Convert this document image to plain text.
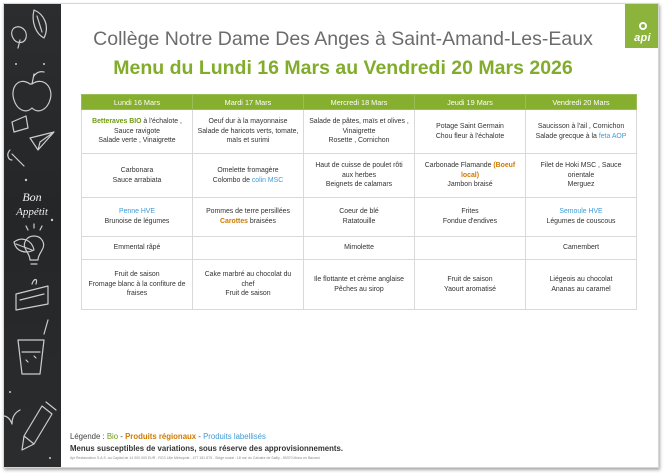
Bon
Appétit
api
Collège Notre Dame Des Anges à Saint-Amand-Les-Eaux
Menu du Lundi 16 Mars au Vendredi 20 Mars 2026
Lundi 16 Mars	Mardi 17 Mars	Mercredi 18 Mars	Jeudi 19 Mars	Vendredi 20 Mars

Betteraves BIO à l'échalote ,
Sauce ravigote
Salade verte , Vinaigrette	Oeuf dur à la mayonnaise
Salade de haricots verts, tomate,
maïs et surimi	Salade de pâtes, maïs et olives ,
Vinaigrette
Rosette , Cornichon	Potage Saint Germain
Chou fleur à l'échalote	Saucisson à l'ail , Cornichon
Salade grecque à la feta AOP

Carbonara
Sauce arrabiata	Omelette fromagère
Colombo de colin MSC	Haut de cuisse de poulet rôti
aux herbes
Beignets de calamars	Carbonade Flamande (Boeuf
local)
Jambon braisé	Filet de Hoki MSC , Sauce
orientale
Merguez

Penne HVE
Brunoise de légumes	Pommes de terre persillées
Carottes braisées	Coeur de blé
Ratatouille	Frites
Fondue d'endives	Semoule HVE
Légumes de couscous

Emmental râpé		Mimolette		Camembert

Fruit de saison
Fromage blanc à la confiture de
fraises	Cake marbré au chocolat du
chef
Fruit de saison	Ile flottante et crème anglaise
Pêches au sirop	Fruit de saison
Yaourt aromatisé	Liégeois au chocolat
Ananas au caramel
Légende : Bio - Produits régionaux - Produits labellisés
Menus susceptibles de variations, sous réserve des approvisionnements.
Api Restauration S.A.S. au Capital de 14 000 000 EUR - RCS Lille Métropole - 477 181 875 - Siège social : 18 rue du Calvaire de Sailly - 59370 Mons en Baroeul
